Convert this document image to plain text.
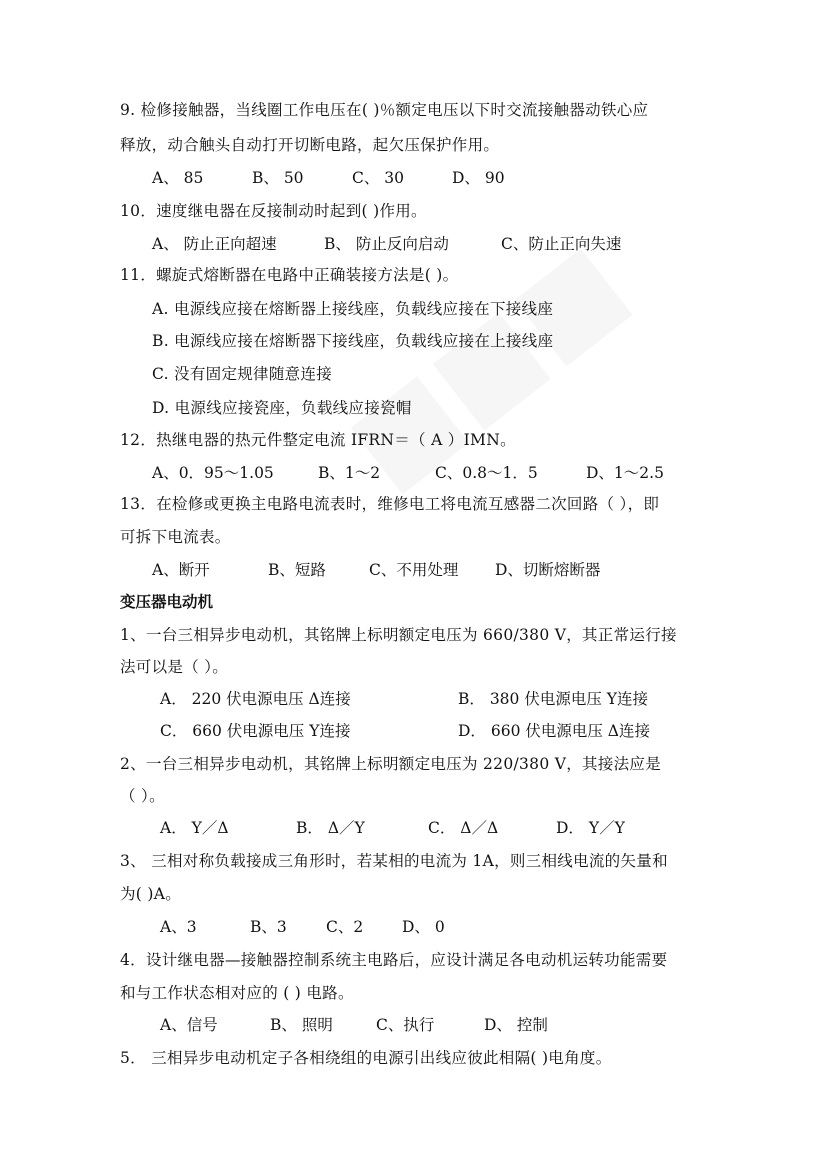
9. 检修接触器，当线圈工作电压在( )％额定电压以下时交流接触器动铁心应
释放，动合触头自动打开切断电路，起欠压保护作用。
A、 85	B、 50	C、 30	D、 90
10．速度继电器在反接制动时起到( )作用。
A、 防止正向超速	B、 防止反向启动	C、防止正向失速
11．螺旋式熔断器在电路中正确装接方法是( )。
A. 电源线应接在熔断器上接线座，负载线应接在下接线座
B. 电源线应接在熔断器下接线座，负载线应接在上接线座
C. 没有固定规律随意连接
D. 电源线应接瓷座，负载线应接瓷帽
12．热继电器的热元件整定电流 IFRN＝（ A ）IMN。
A、0．95～1.05	B、1～2	C、0.8～1．5	D、1～2.5
13．在检修或更换主电路电流表时，维修电工将电流互感器二次回路（ ），即
可拆下电流表。
A、断开	B、短路	C、不用处理 D、切断熔断器
变压器电动机
1、一台三相异步电动机，其铭牌上标明额定电压为 660/380 V，其正常运行接
法可以是（ ）。
A． 220 伏电源电压 Δ连接	B． 380 伏电源电压 Y连接
C． 660 伏电源电压 Y连接	D． 660 伏电源电压 Δ连接
2、一台三相异步电动机，其铭牌上标明额定电压为 220/380 V，其接法应是
（ ）。
A． Y／Δ	B． Δ／Y	C． Δ／Δ	D． Y／Y
3、 三相对称负载接成三角形时，若某相的电流为 1A，则三相线电流的矢量和
为( )A。
A、3	B、3	C、2	D、 0
4．设计继电器—接触器控制系统主电路后，应设计满足各电动机运转功能需要
和与工作状态相对应的 ( ) 电路。
A、信号	B、 照明	C、执行	D、 控制
5． 三相异步电动机定子各相绕组的电源引出线应彼此相隔( )电角度。
